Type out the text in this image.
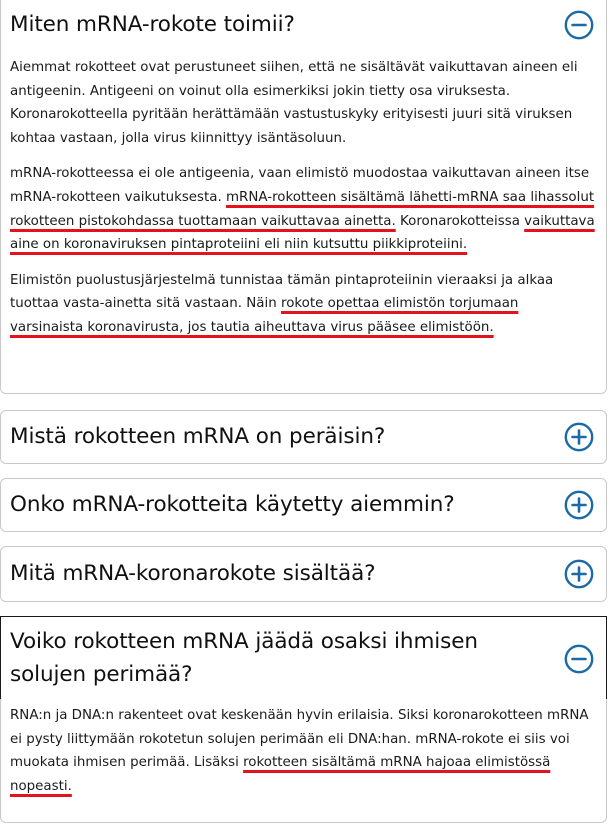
Miten mRNA-rokote toimii?

Aiemmat rokotteet ovat perustuneet siihen, että ne sisältävät vaikuttavan aineen eli antigeenin. Antigeeni on voinut olla esimerkiksi jokin tietty osa viruksesta. Koronarokotteella pyritään herättämään vastustuskyky erityisesti juuri sitä viruksen kohtaa vastaan, jolla virus kiinnittyy isäntäsoluun.

mRNA-rokotteessa ei ole antigeenia, vaan elimistö muodostaa vaikuttavan aineen itse mRNA-rokotteen vaikutuksesta. mRNA-rokotteen sisältämä lähetti-mRNA saa lihassolut rokotteen pistokohdassa tuottamaan vaikuttavaa ainetta. Koronarokotteissa vaikuttava aine on koronaviruksen pintaproteiini eli niin kutsuttu piikkiproteiini.

Elimistön puolustusjärjestelmä tunnistaa tämän pintaproteiinin vieraaksi ja alkaa tuottaa vasta-ainetta sitä vastaan. Näin rokote opettaa elimistön torjumaan varsinaista koronavirusta, jos tautia aiheuttava virus pääsee elimistöön.

Mistä rokotteen mRNA on peräisin?
Onko mRNA-rokotteita käytetty aiemmin?
Mitä mRNA-koronarokote sisältää?
Voiko rokotteen mRNA jäädä osaksi ihmisen solujen perimää?

RNA:n ja DNA:n rakenteet ovat keskenään hyvin erilaisia. Siksi koronarokotteen mRNA ei pysty liittymään rokotetun solujen perimään eli DNA:han. mRNA-rokote ei siis voi muokata ihmisen perimää. Lisäksi rokotteen sisältämä mRNA hajoaa elimistössä nopeasti.
